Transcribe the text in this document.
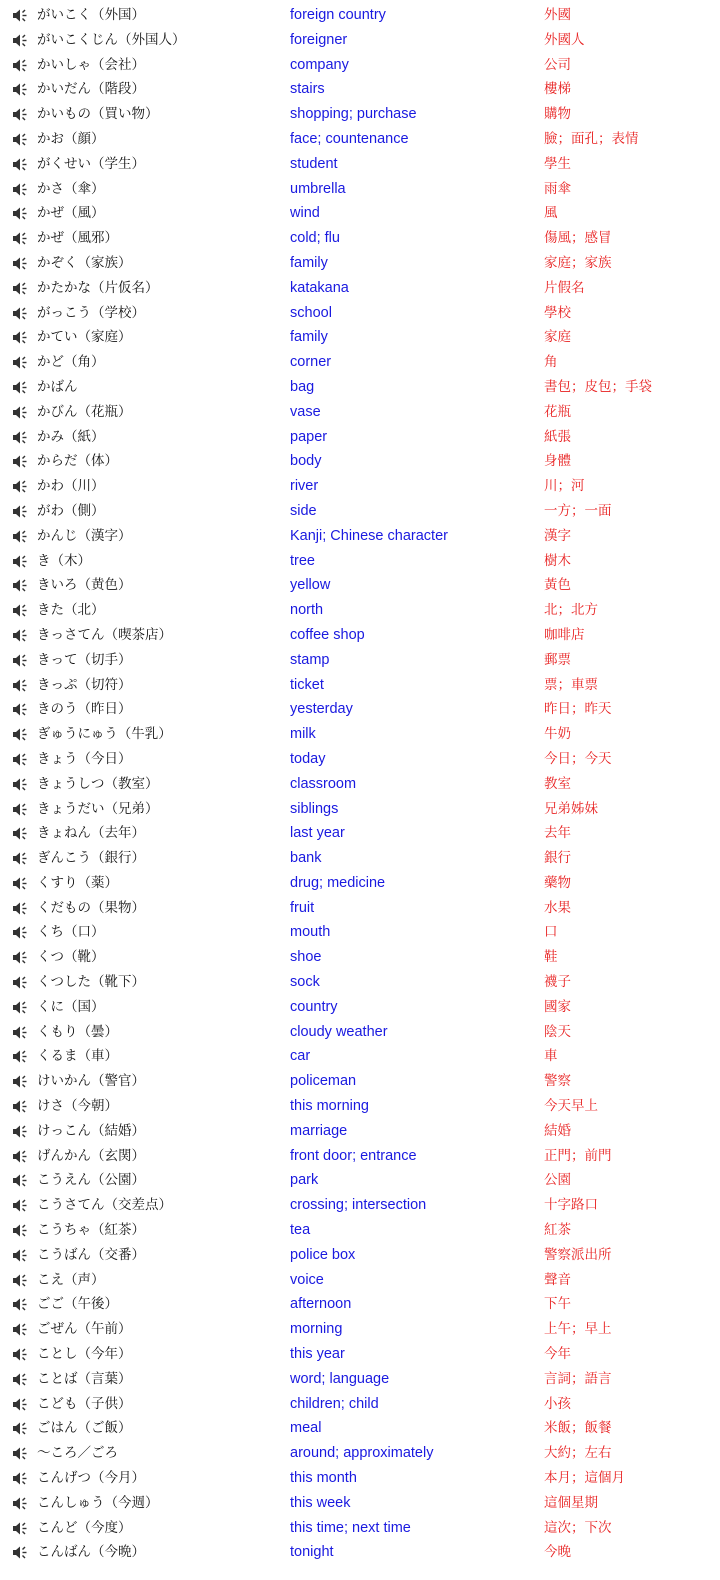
がいこく（外国）	foreign country	外國
がいこくじん（外国人）	foreigner	外國人
かいしゃ（会社）	company	公司
かいだん（階段）	stairs	樓梯
かいもの（買い物）	shopping; purchase	購物
かお（顔）	face; countenance	臉；面孔；表情
がくせい（学生）	student	學生
かさ（傘）	umbrella	雨傘
かぜ（風）	wind	風
かぜ（風邪）	cold; flu	傷風；感冒
かぞく（家族）	family	家庭；家族
かたかな（片仮名）	katakana	片假名
がっこう（学校）	school	學校
かてい（家庭）	family	家庭
かど（角）	corner	角
かばん	bag	書包；皮包；手袋
かびん（花瓶）	vase	花瓶
かみ（紙）	paper	紙張
からだ（体）	body	身體
かわ（川）	river	川；河
がわ（側）	side	一方；一面
かんじ（漢字）	Kanji; Chinese character	漢字
き（木）	tree	樹木
きいろ（黄色）	yellow	黃色
きた（北）	north	北；北方
きっさてん（喫茶店）	coffee shop	咖啡店
きって（切手）	stamp	郵票
きっぷ（切符）	ticket	票；車票
きのう（昨日）	yesterday	昨日；昨天
ぎゅうにゅう（牛乳）	milk	牛奶
きょう（今日）	today	今日；今天
きょうしつ（教室）	classroom	教室
きょうだい（兄弟）	siblings	兄弟姊妹
きょねん（去年）	last year	去年
ぎんこう（銀行）	bank	銀行
くすり（薬）	drug; medicine	藥物
くだもの（果物）	fruit	水果
くち（口）	mouth	口
くつ（靴）	shoe	鞋
くつした（靴下）	sock	襪子
くに（国）	country	國家
くもり（曇）	cloudy weather	陰天
くるま（車）	car	車
けいかん（警官）	policeman	警察
けさ（今朝）	this morning	今天早上
けっこん（結婚）	marriage	結婚
げんかん（玄関）	front door; entrance	正門；前門
こうえん（公園）	park	公園
こうさてん（交差点）	crossing; intersection	十字路口
こうちゃ（紅茶）	tea	紅茶
こうばん（交番）	police box	警察派出所
こえ（声）	voice	聲音
ごご（午後）	afternoon	下午
ごぜん（午前）	morning	上午；早上
ことし（今年）	this year	今年
ことば（言葉）	word; language	言詞；語言
こども（子供）	children; child	小孩
ごはん（ご飯）	meal	米飯；飯餐
～ころ／ごろ	around; approximately	大約；左右
こんげつ（今月）	this month	本月；這個月
こんしゅう（今週）	this week	這個星期
こんど（今度）	this time; next time	這次；下次
こんばん（今晩）	tonight	今晚
